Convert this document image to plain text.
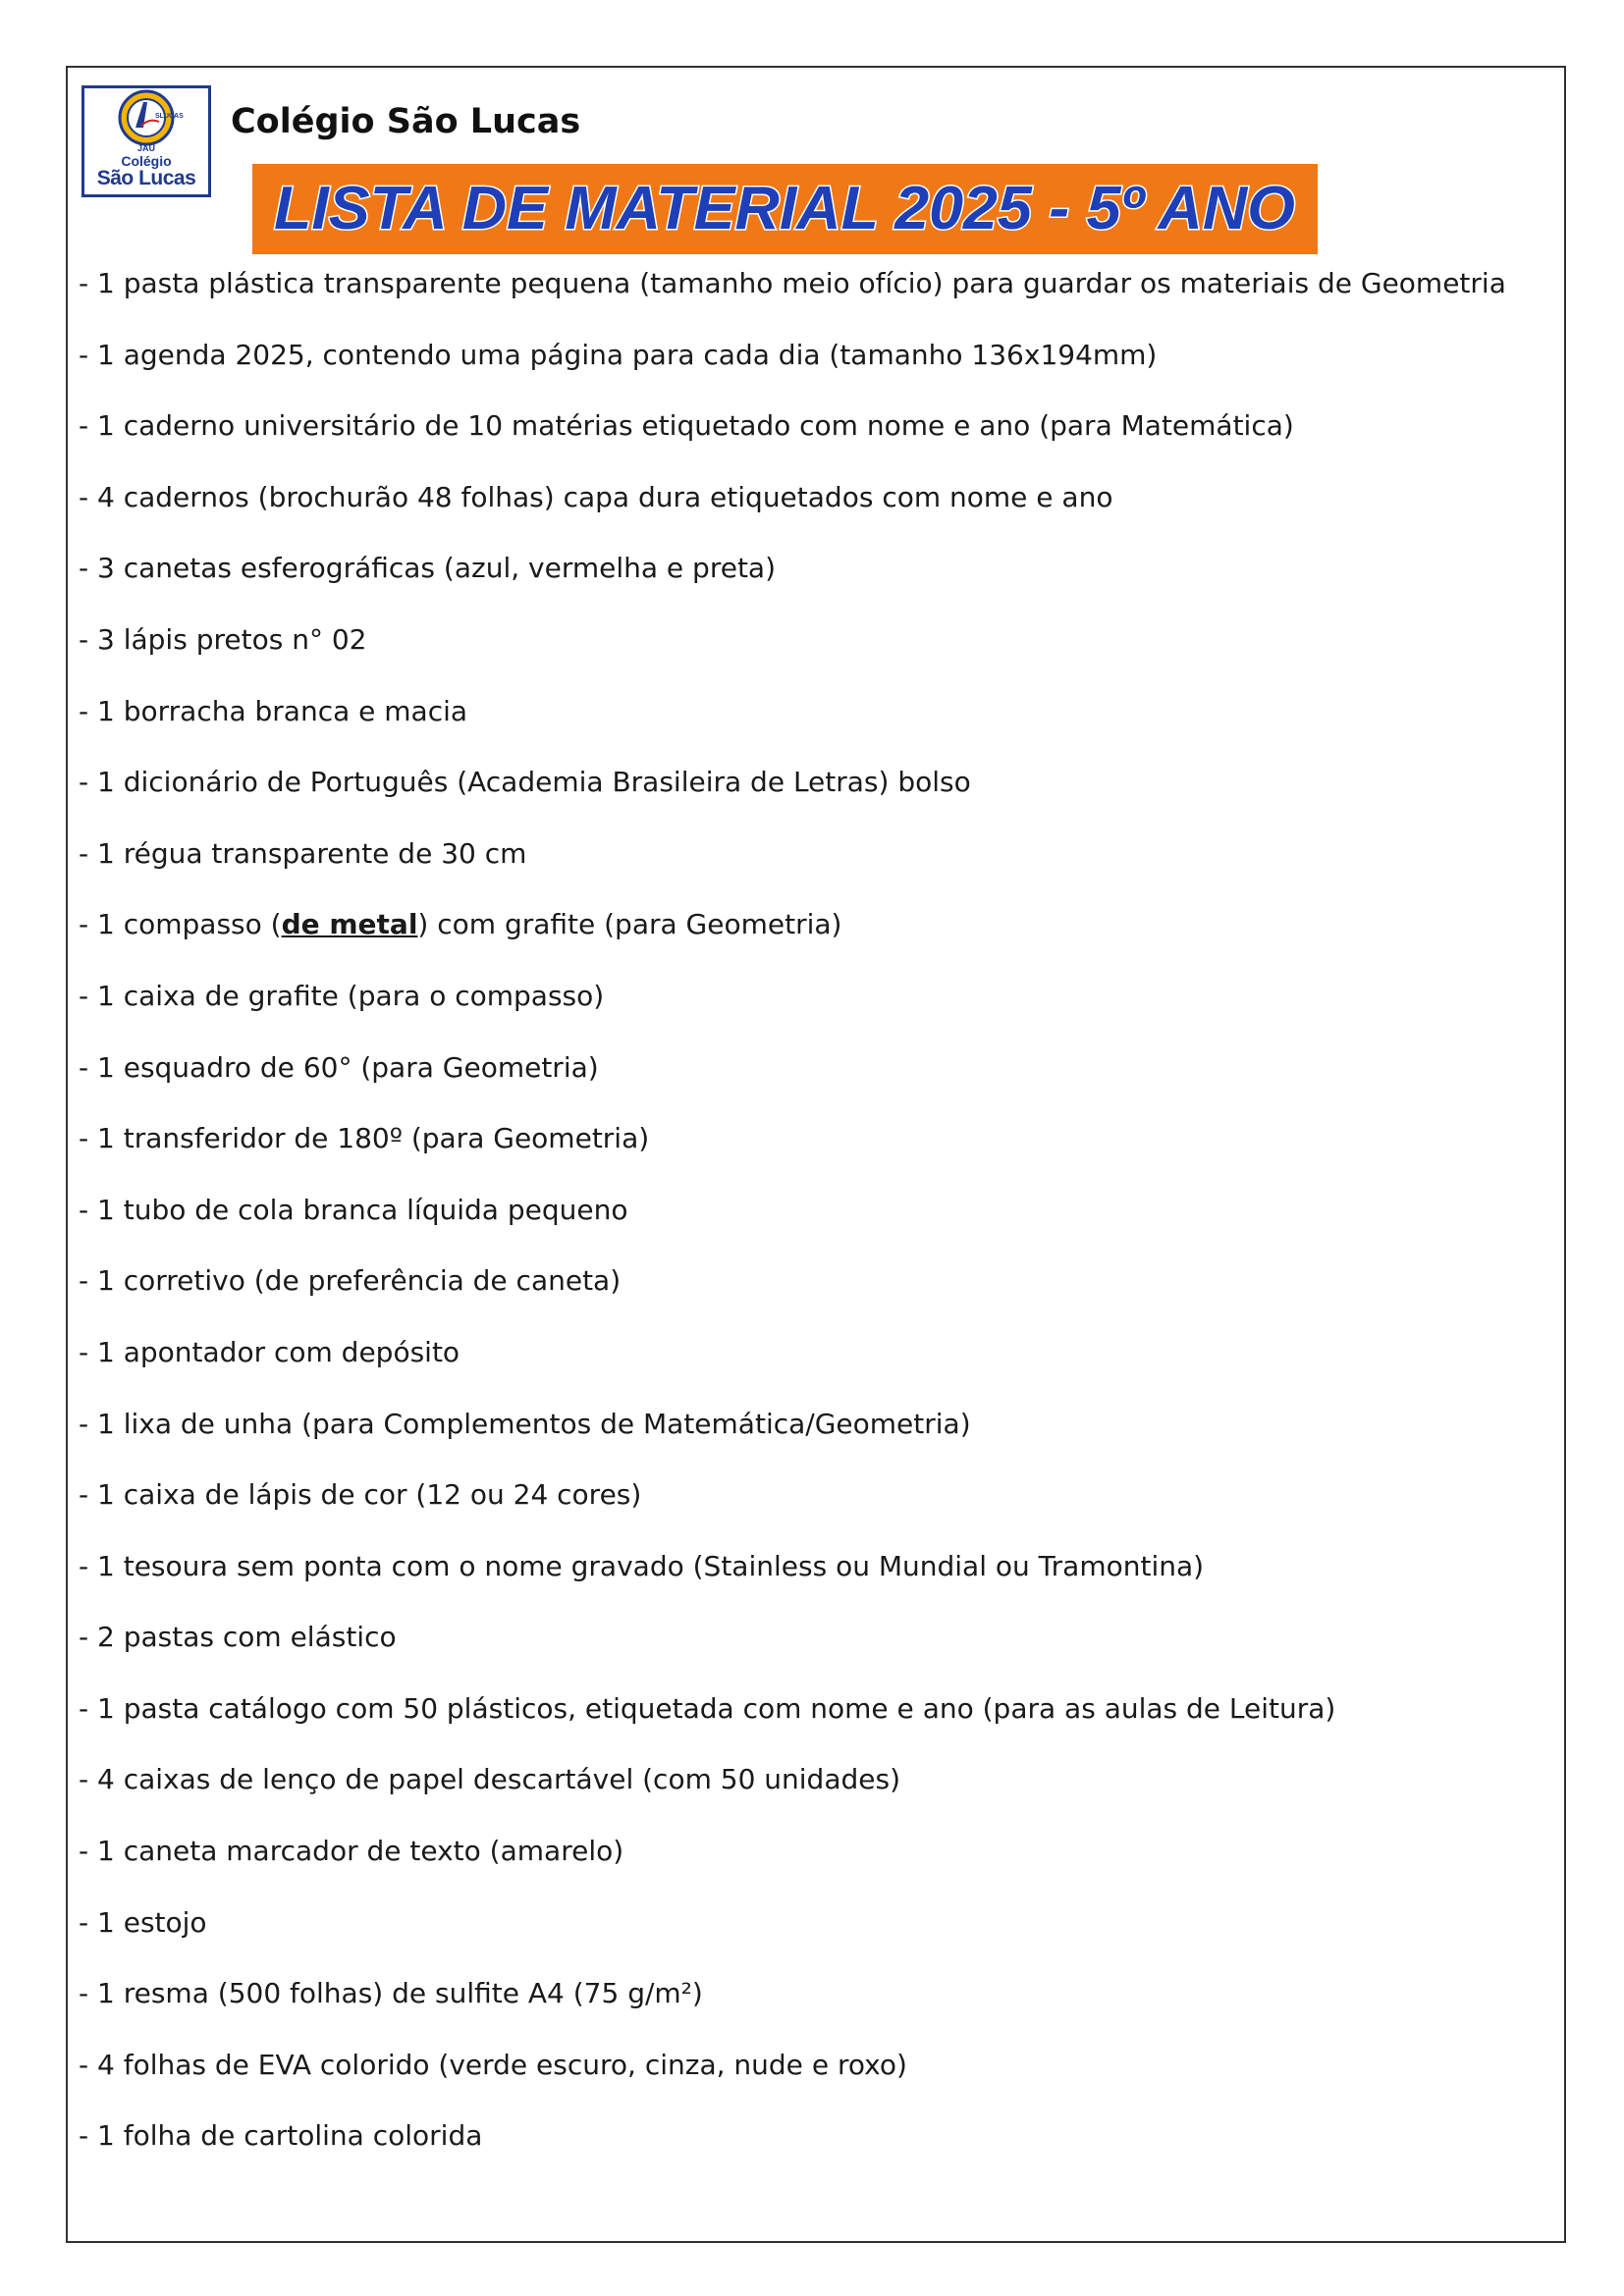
SLUCAS
JAÚ
Colégio
São Lucas
Colégio São Lucas
LISTA DE MATERIAL 2025 - 5º ANO
- 1 pasta plástica transparente pequena (tamanho meio ofício) para guardar os materiais de Geometria
- 1 agenda 2025, contendo uma página para cada dia (tamanho 136x194mm)
- 1 caderno universitário de 10 matérias etiquetado com nome e ano (para Matemática)
- 4 cadernos (brochurão 48 folhas) capa dura etiquetados com nome e ano
- 3 canetas esferográficas (azul, vermelha e preta)
- 3 lápis pretos n° 02
- 1 borracha branca e macia
- 1 dicionário de Português (Academia Brasileira de Letras) bolso
- 1 régua transparente de 30 cm
- 1 compasso (de metal) com grafite (para Geometria)
- 1 caixa de grafite (para o compasso)
- 1 esquadro de 60° (para Geometria)
- 1 transferidor de 180º (para Geometria)
- 1 tubo de cola branca líquida pequeno
- 1 corretivo (de preferência de caneta)
- 1 apontador com depósito
- 1 lixa de unha (para Complementos de Matemática/Geometria)
- 1 caixa de lápis de cor (12 ou 24 cores)
- 1 tesoura sem ponta com o nome gravado (Stainless ou Mundial ou Tramontina)
- 2 pastas com elástico
- 1 pasta catálogo com 50 plásticos, etiquetada com nome e ano (para as aulas de Leitura)
- 4 caixas de lenço de papel descartável (com 50 unidades)
- 1 caneta marcador de texto (amarelo)
- 1 estojo
- 1 resma (500 folhas) de sulfite A4 (75 g/m²)
- 4 folhas de EVA colorido (verde escuro, cinza, nude e roxo)
- 1 folha de cartolina colorida
